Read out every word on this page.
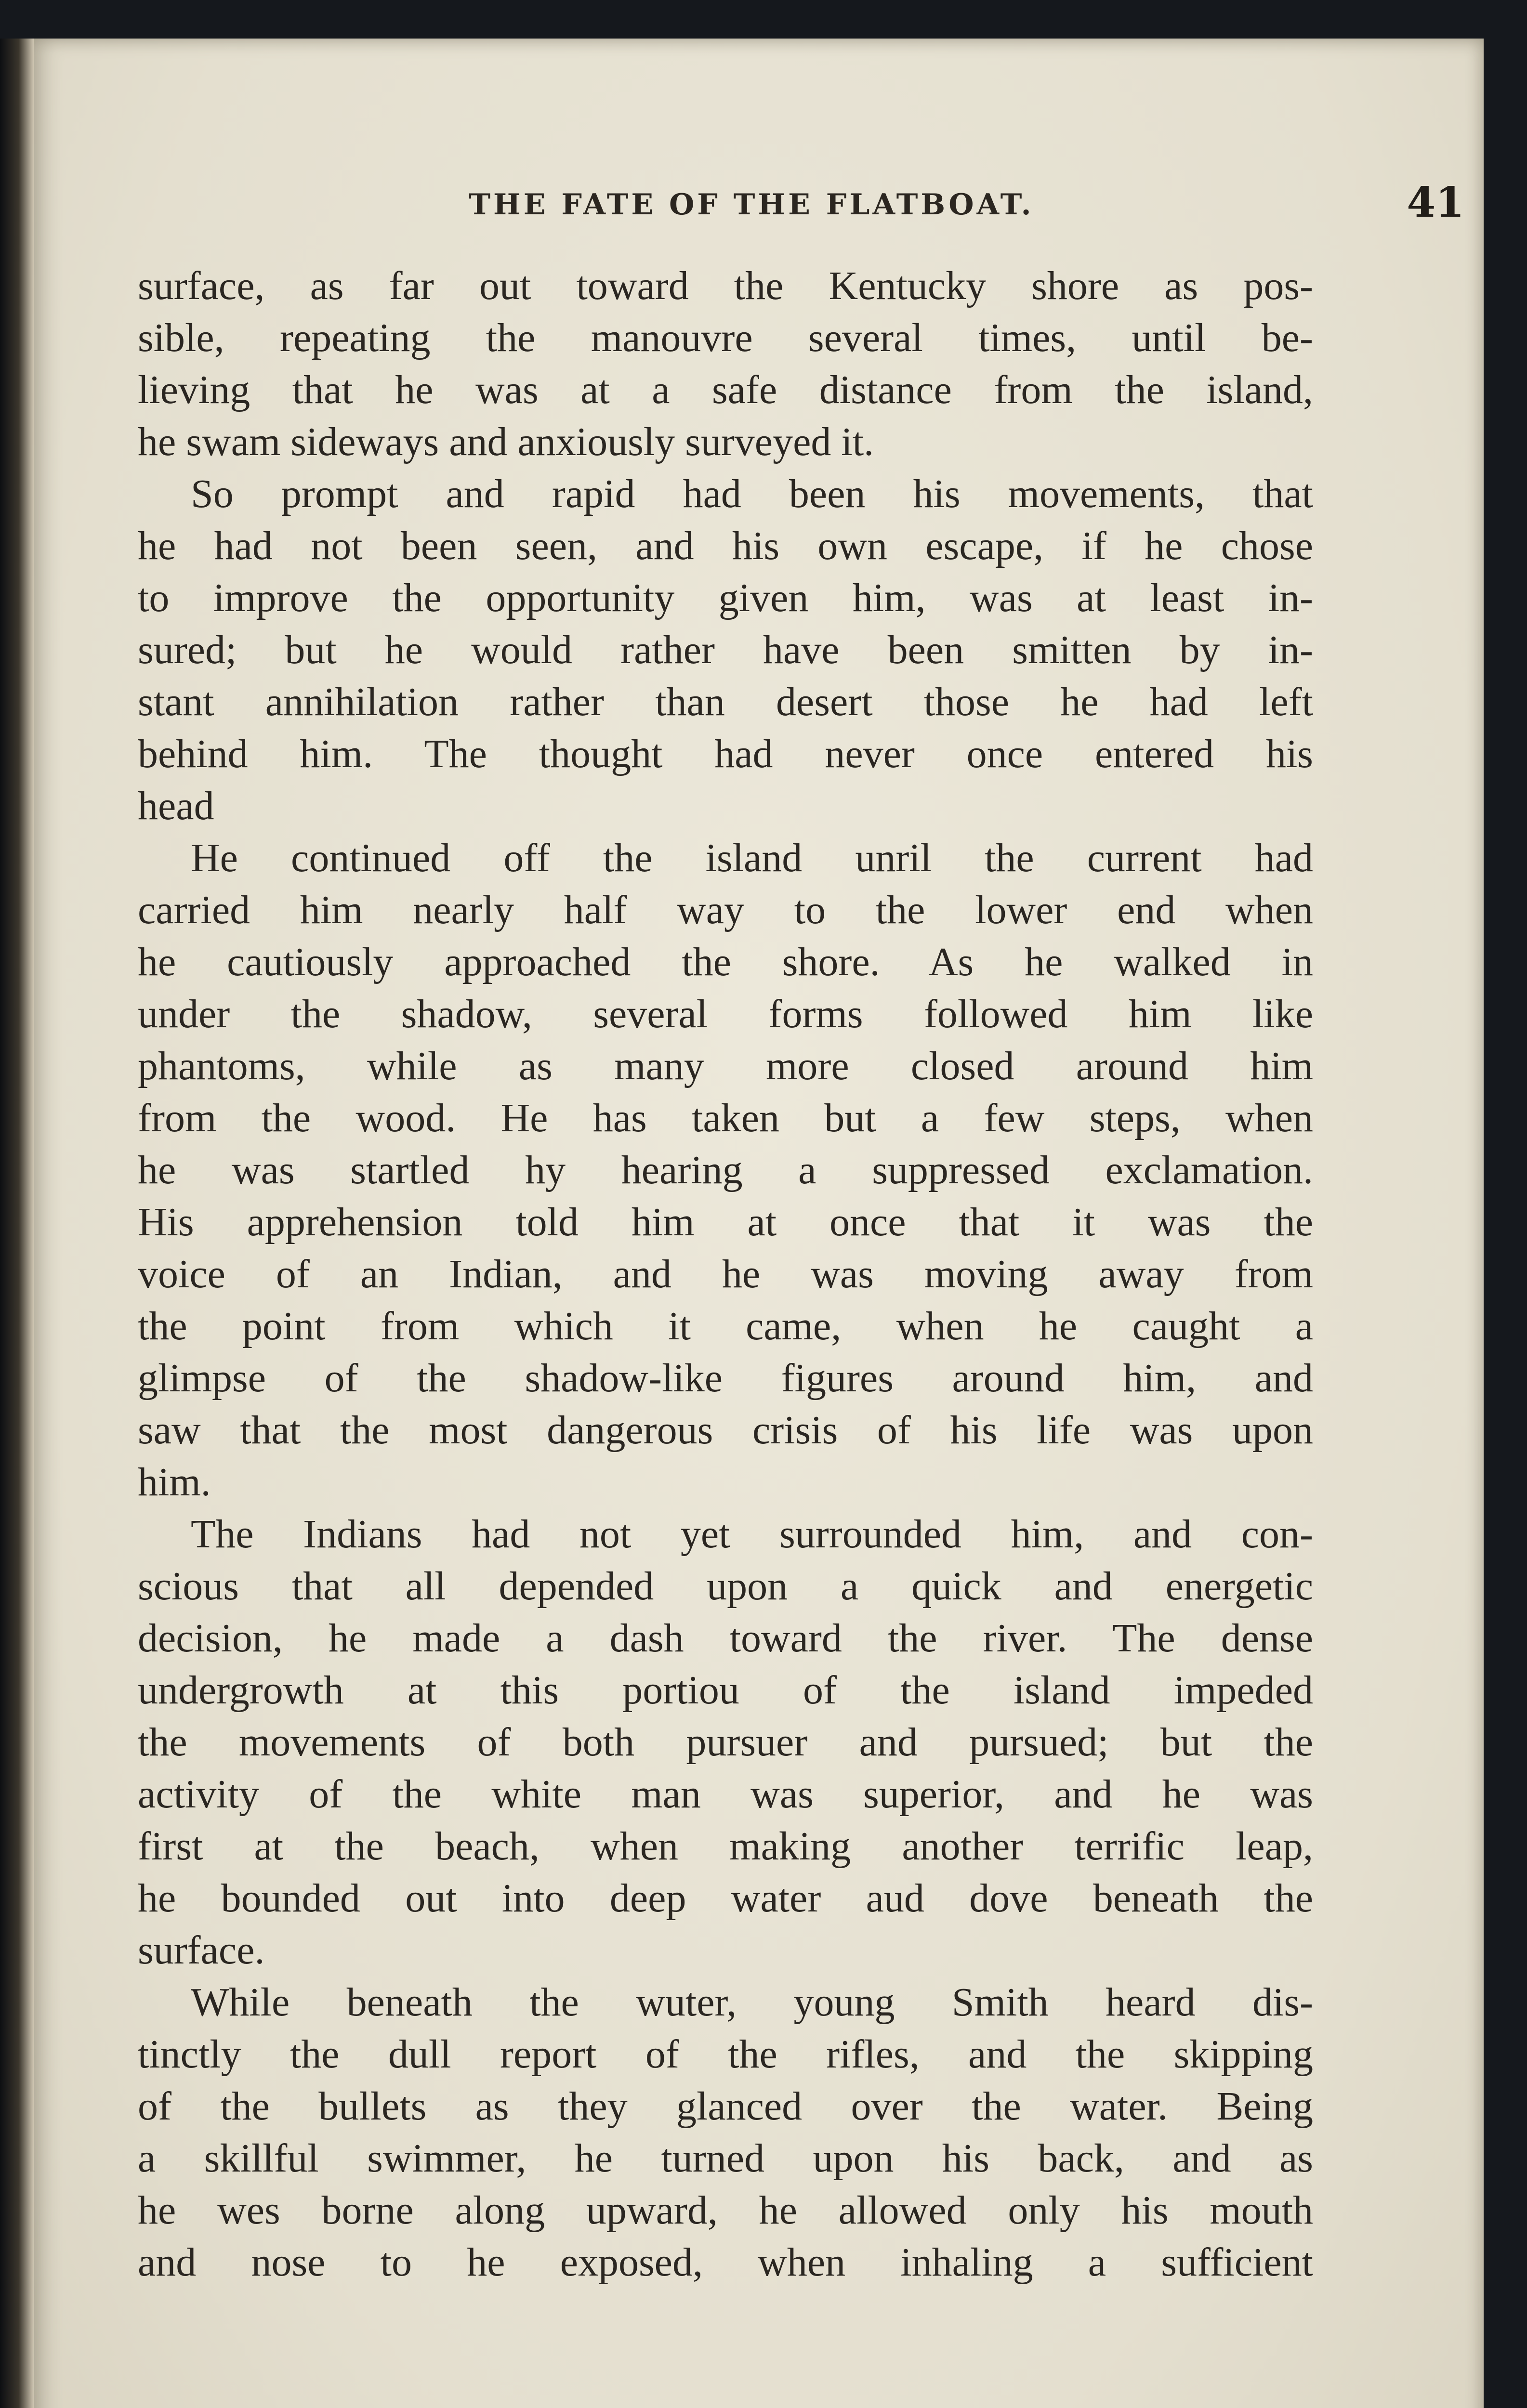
THE FATE OF THE FLATBOAT.	41
surface, as far out toward the Kentucky shore as pos-
sible, repeating the manouvre several times, until be-
lieving that he was at a safe distance from the island,
he swam sideways and anxiously surveyed it.
So prompt and rapid had been his movements, that
he had not been seen, and his own escape, if he chose
to improve the opportunity given him, was at least in-
sured; but he would rather have been smitten by in-
stant annihilation rather than desert those he had left
behind him. The thought had never once entered his
head
He continued off the island unril the current had
carried him nearly half way to the lower end when
he cautiously approached the shore. As he walked in
under the shadow, several forms followed him like
phantoms, while as many more closed around him
from the wood. He has taken but a few steps, when
he was startled hy hearing a suppressed exclamation.
His apprehension told him at once that it was the
voice of an Indian, and he was moving away from
the point from which it came, when he caught a
glimpse of the shadow-like figures around him, and
saw that the most dangerous crisis of his life was upon
him.
The Indians had not yet surrounded him, and con-
scious that all depended upon a quick and energetic
decision, he made a dash toward the river. The dense
undergrowth at this portiou of the island impeded
the movements of both pursuer and pursued; but the
activity of the white man was superior, and he was
first at the beach, when making another terrific leap,
he bounded out into deep water aud dove beneath the
surface.
While beneath the wuter, young Smith heard dis-
tinctly the dull report of the rifles, and the skipping
of the bullets as they glanced over the water. Being
a skillful swimmer, he turned upon his back, and as
he wes borne along upward, he allowed only his mouth
and nose to he exposed, when inhaling a sufficient
